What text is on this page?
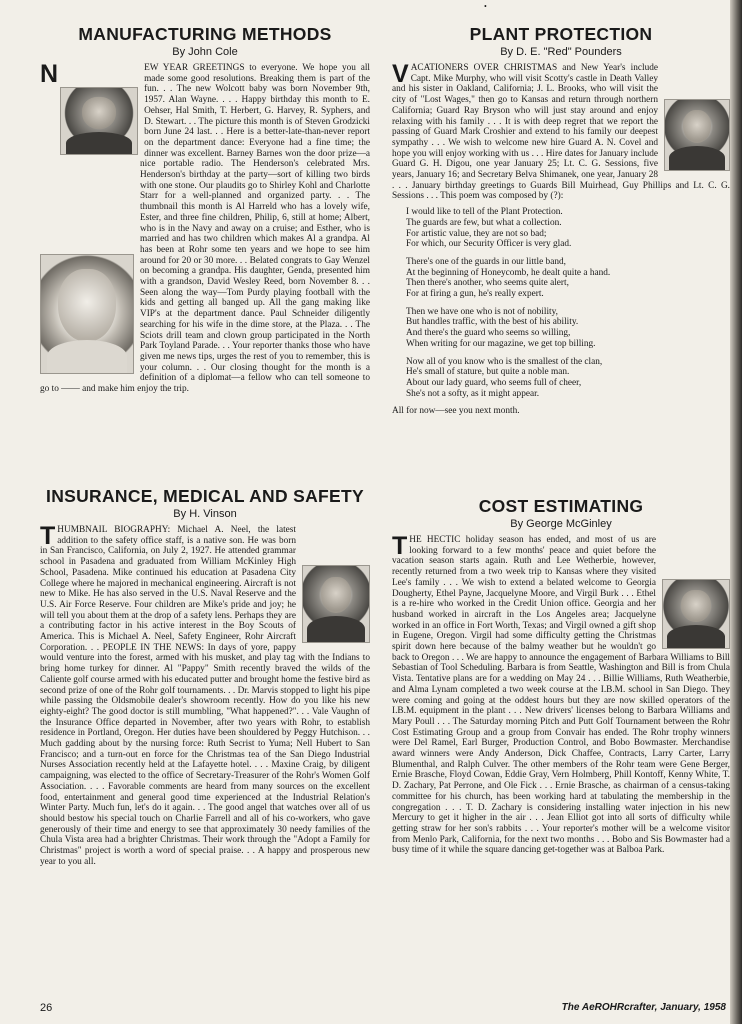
•
MANUFACTURING METHODS
By John Cole
N	EW YEAR GREETINGS to everyone. We hope you all made some good resolutions. Breaking them is part of the fun. . . The new Wolcott baby was born November 9th, 1957. Alan Wayne. . . . Happy birthday this month to E. Oehser, Hal Smith, T. Herbert, G. Harvey, R. Syphers, and D. Stewart. . . The picture this month is of Steven Grodzicki born June 24 last. . . Here is a better-late-than-never report on the department dance: Everyone had a fine time; the dinner was excellent. Barney Barnes won the door prize—a nice portable radio. The Henderson's celebrated Mrs. Henderson's birthday at the party—sort of killing two birds with one stone. Our plaudits go to Shirley Kohl and Charlotte Starr for a well-planned and organized party. . . The thumbnail this month is Al Harreld who has a lovely wife, Ester, and three fine children, Philip, 6, still at home; Albert, who is in the Navy and away on a cruise; and Esther, who is married and has two children which makes Al a grandpa. Al has been at Rohr some ten years and we hope to see him around for 20 or 30 more. . . Belated congrats to Gay Wenzel on becoming a grandpa. His daughter, Genda, presented him with a grandson, David Wesley Reed, born November 8. . . Seen along the way—Tom Purdy playing football with the kids and getting all banged up. All the gang making like VIP's at the department dance. Paul Schneider diligently searching for his wife in the dime store, at the Plaza. . . The Sciots drill team and clown group participated in the North Park Toyland Parade. . . Your reporter thanks those who have given me news tips, urges the rest of you to remember, this is your column. . . Our closing thought for the month is a definition of a diplomat—a fellow who can tell someone to go to —— and make him enjoy the trip.

INSURANCE, MEDICAL AND SAFETY
By H. Vinson
T HUMBNAIL BIOGRAPHY: Michael A. Neel, the latest addition to the safety office staff, is a native son. He was born in San Francisco, California, on July 2, 1927. He attended grammar school in Pasadena and graduated from William McKinley High School, Pasadena. Mike continued his education at Pasadena City College where he majored in mechanical engineering. Aircraft is not new to Mike. He has also served in the U.S. Naval Reserve and the U.S. Air Force Reserve. Four children are Mike's pride and joy; he will tell you about them at the drop of a safety lens. Perhaps they are a contributing factor in his active interest in the Boy Scouts of America. This is Michael A. Neel, Safety Engineer, Rohr Aircraft Corporation. . . PEOPLE IN THE NEWS: In days of yore, pappy would venture into the forest, armed with his musket, and play tag with the Indians to bring home turkey for dinner. Al "Pappy" Smith recently braved the wilds of the Caliente golf course armed with his educated putter and brought home the festive bird as second prize of one of the Rohr golf tournaments. . . Dr. Marvis stopped to light his pipe while passing the Oldsmobile dealer's showroom recently. How do you like his new eighty-eight? The good doctor is still mumbling, "What happened?". . . Vale Vaughn of the Insurance Office departed in November, after two years with Rohr, to establish residence in Portland, Oregon. Her duties have been shouldered by Peggy Hutchison. . . Much gadding about by the nursing force: Ruth Secrist to Yuma; Nell Hubert to San Francisco; and a turn-out en force for the Christmas tea of the San Diego Industrial Nurses Association recently held at the Lafayette hotel. . . . Maxine Craig, by diligent campaigning, was elected to the office of Secretary-Treasurer of the Rohr's Women Golf Association. . . . Favorable comments are heard from many sources on the excellent food, entertainment and general good time experienced at the Industrial Relation's Winter Party. Much fun, let's do it again. . . The good angel that watches over all of us should bestow his special touch on Charlie Farrell and all of his co-workers, who gave generously of their time and energy to see that approximately 30 needy families of the Chula Vista area had a brighter Christmas. Their work through the "Adopt a Family for Christmas" project is worth a word of special praise. . . A happy and prosperous new year to you all.

PLANT PROTECTION
By D. E. "Red" Pounders
V ACATIONERS OVER CHRISTMAS and New Year's include Capt. Mike Murphy, who will visit Scotty's castle in Death Valley and his sister in Oakland, California; J. L. Brooks, who will visit the city of "Lost Wages," then go to Kansas and return through northern California; Guard Ray Bryson who will just stay around and enjoy relaxing with his family . . . It is with deep regret that we report the passing of Guard Mark Croshier and extend to his family our deepest sympathy . . . We wish to welcome new hire Guard A. N. Covel and hope you will enjoy working with us . . . Hire dates for January include Guard G. H. Digou, one year January 25; Lt. C. G. Sessions, five years, January 16; and Secretary Belva Shimanek, one year, January 28 . . . January birthday greetings to Guards Bill Muirhead, Guy Phillips and Lt. C. G. Sessions . . . This poem was composed by (?):

I would like to tell of the Plant Protection.
The guards are few, but what a collection.
For artistic value, they are not so bad;
For which, our Security Officer is very glad.
There's one of the guards in our little band,
At the beginning of Honeycomb, he dealt quite a hand.
Then there's another, who seems quite alert,
For at firing a gun, he's really expert.
Then we have one who is not of nobility,
But handles traffic, with the best of his ability.
And there's the guard who seems so willing,
When writing for our magazine, we get top billing.
Now all of you know who is the smallest of the clan,
He's small of stature, but quite a noble man.
About our lady guard, who seems full of cheer,
She's not a softy, as it might appear.
All for now—see you next month.
COST ESTIMATING
By George McGinley
T HE HECTIC holiday season has ended, and most of us are looking forward to a few months' peace and quiet before the vacation season starts again. Ruth and Lee Wetherbie, however, recently returned from a two week trip to Kansas where they visited Lee's family . . . We wish to extend a belated welcome to Georgia Dougherty, Ethel Payne, Jacquelyne Moore, and Virgil Burk . . . Ethel is a re-hire who worked in the Credit Union office. Georgia and her husband worked in aircraft in the Los Angeles area; Jacquelyne worked in an office in Fort Worth, Texas; and Virgil owned a gift shop in Eugene, Oregon. Virgil had some difficulty getting the Christmas spirit down here because of the balmy weather but he wouldn't go back to Oregon . . . We are happy to announce the engagement of Barbara Williams to Bill Sebastian of Tool Scheduling. Barbara is from Seattle, Washington and Bill is from Chula Vista. Tentative plans are for a wedding on May 24 . . . Billie Williams, Ruth Weatherbie, and Alma Lynam completed a two week course at the I.B.M. school in San Diego. They were coming and going at the oddest hours but they are now skilled operators of the I.B.M. equipment in the plant . . . New drivers' licenses belong to Barbara Williams and Mary Poull . . . The Saturday morning Pitch and Putt Golf Tournament between the Rohr Cost Estimating Group and a group from Convair has ended. The Rohr trophy winners were Del Ramel, Earl Burger, Production Control, and Bobo Bowmaster. Merchandise award winners were Andy Anderson, Dick Chaffee, Contracts, Larry Carter, Larry Blumenthal, and Ralph Culver. The other members of the Rohr team were Gene Berger, Ernie Brasche, Floyd Cowan, Eddie Gray, Vern Holmberg, Phill Kontoff, Kenny White, T. D. Zachary, Pat Perrone, and Ole Fick . . . Ernie Brasche, as chairman of a census-taking committee for his church, has been working hard at tabulating the membership in the congregation . . . T. D. Zachary is considering installing water injection in his new Mercury to get it higher in the air . . . Jean Elliot got into all sorts of difficulty while getting straw for her son's rabbits . . . Your reporter's mother will be a welcome visitor from Menlo Park, California, for the next two months . . . Bobo and Sis Bowmaster had a busy time of it while the square dancing get-together was at Balboa Park.

26	The AeROHRcrafter, January, 1958
